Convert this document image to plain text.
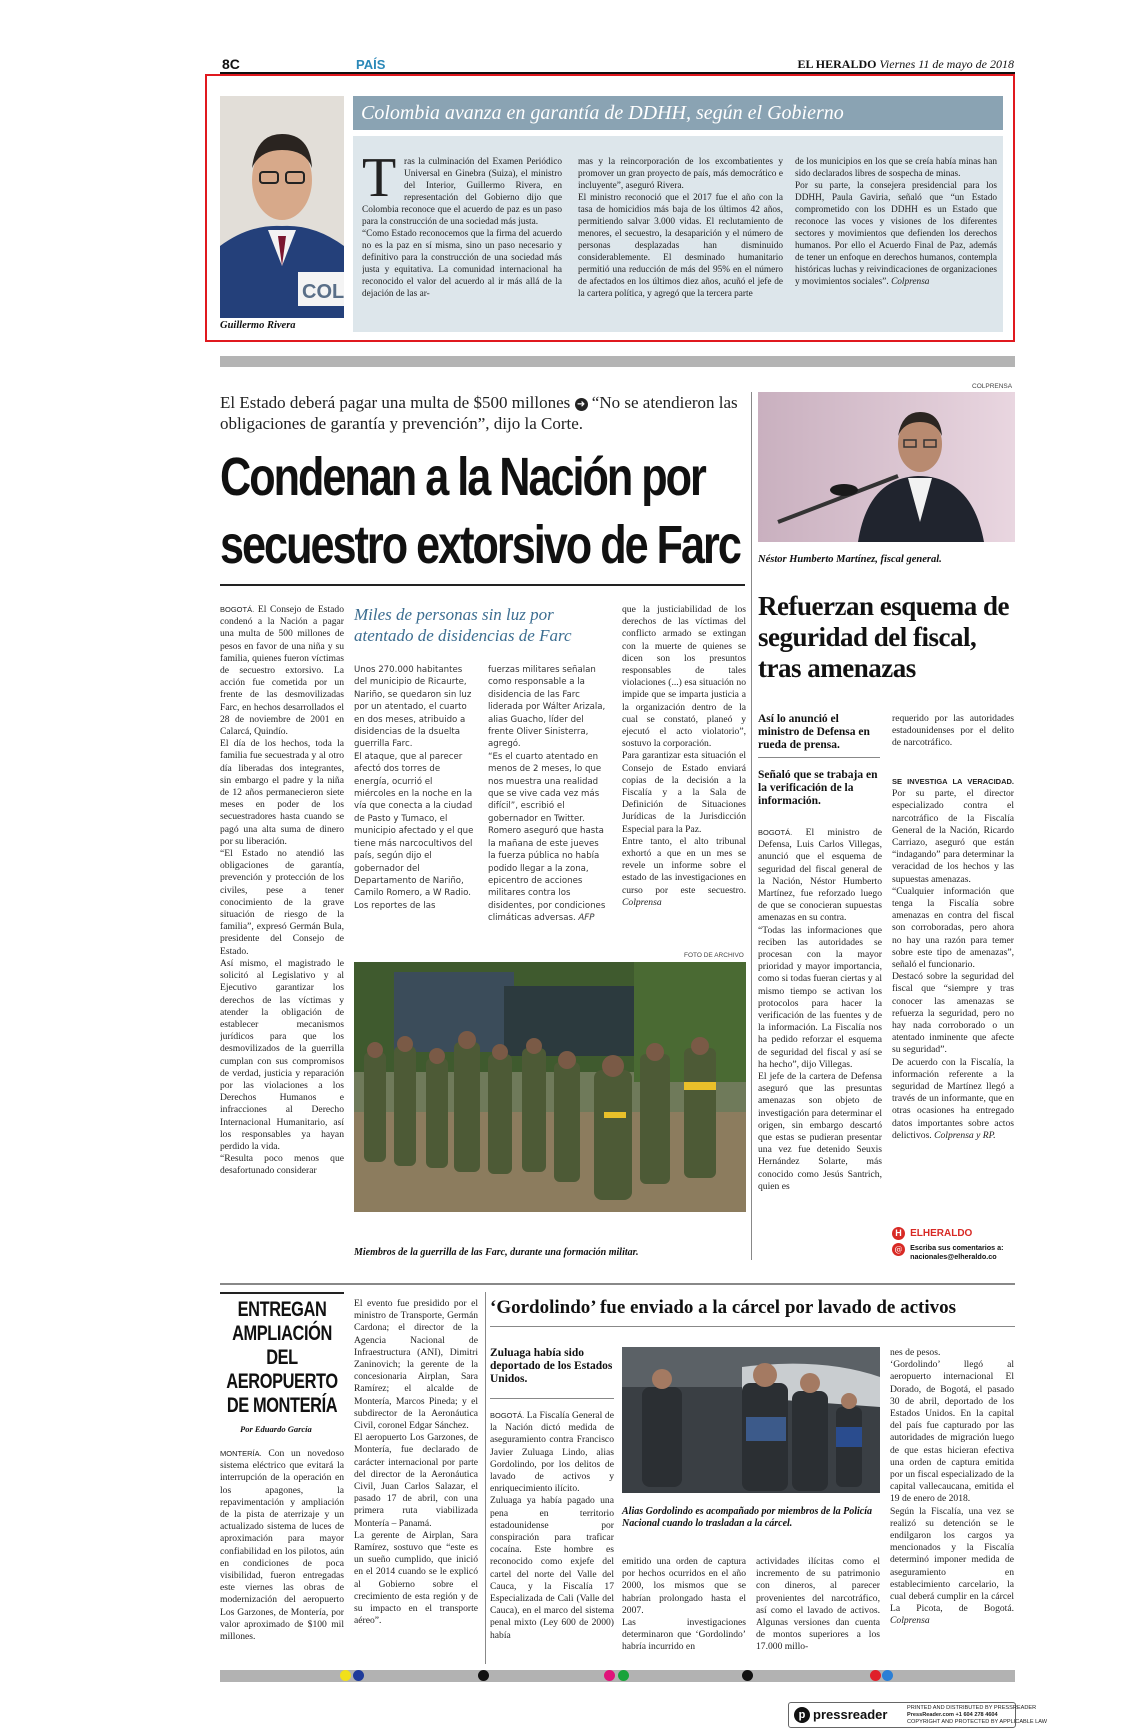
8C	PAÍS	EL HERALDO Viernes 11 de mayo de 2018
COL
Guillermo Rivera
Colombia avanza en garantía de DDHH, según el Gobierno
T ras la culminación del Examen Periódico Universal en Ginebra (Suiza), el ministro del Interior, Guillermo Rivera, en representación del Gobierno dijo que Colombia reconoce que el acuerdo de paz es un paso para la construcción de una sociedad más justa.
“Como Estado reconocemos que la firma del acuerdo no es la paz en sí misma, sino un paso necesario y definitivo para la construcción de una sociedad más justa y equitativa. La comunidad internacional ha reconocido el valor del acuerdo al ir más allá de la dejación de las ar-
mas y la reincorporación de los excombatientes y promover un gran proyecto de país, más democrático e incluyente”, aseguró Rivera.
El ministro reconoció que el 2017 fue el año con la tasa de homicidios más baja de los últimos 42 años, permitiendo salvar 3.000 vidas. El reclutamiento de menores, el secuestro, la desaparición y el número de personas desplazadas han disminuido considerablemente. El desminado humanitario permitió una reducción de más del 95% en el número de afectados en los últimos diez años, acuñó el jefe de la cartera política, y agregó que la tercera parte
de los municipios en los que se creía había minas han sido declarados libres de sospecha de minas.
Por su parte, la consejera presidencial para los DDHH, Paula Gaviria, señaló que “un Estado comprometido con los DDHH es un Estado que reconoce las voces y visiones de los diferentes sectores y movimientos que defienden los derechos humanos. Por ello el Acuerdo Final de Paz, además de tener un enfoque en derechos humanos, contempla históricas luchas y reivindicaciones de organizaciones y movimientos sociales”. Colprensa
El Estado deberá pagar una multa de $500 millones ➜ “No se atendieron las obligaciones de garantía y prevención”, dijo la Corte.
Condenan a la Nación por
secuestro extorsivo de Farc
BOGOTÁ. El Consejo de Estado condenó a la Nación a pagar una multa de 500 millones de pesos en favor de una niña y su familia, quienes fueron víctimas de secuestro extorsivo. La acción fue cometida por un frente de las desmovilizadas Farc, en hechos desarrollados el 28 de noviembre de 2001 en Calarcá, Quindío.
El día de los hechos, toda la familia fue secuestrada y al otro día liberadas dos integrantes, sin embargo el padre y la niña de 12 años permanecieron siete meses en poder de los secuestradores hasta cuando se pagó una alta suma de dinero por su liberación.
“El Estado no atendió las obligaciones de garantía, prevención y protección de los civiles, pese a tener conocimiento de la grave situación de riesgo de la familia”, expresó Germán Bula, presidente del Consejo de Estado.
Así mismo, el magistrado le solicitó al Legislativo y al Ejecutivo garantizar los derechos de las víctimas y atender la obligación de establecer mecanismos jurídicos para que los desmovilizados de la guerrilla cumplan con sus compromisos de verdad, justicia y reparación por las violaciones a los Derechos Humanos e infracciones al Derecho Internacional Humanitario, así los responsables ya hayan perdido la vida.
“Resulta poco menos que desafortunado considerar
Miles de personas sin luz por atentado de disidencias de Farc
Unos 270.000 habitantes del municipio de Ricaurte, Nariño, se quedaron sin luz por un atentado, el cuarto en dos meses, atribuido a disidencias de la dsuelta guerrilla Farc.
El ataque, que al parecer afectó dos torres de energía, ocurrió el miércoles en la noche en la vía que conecta a la ciudad de Pasto y Tumaco, el municipio afectado y el que tiene más narcocultivos del país, según dijo el gobernador del Departamento de Nariño, Camilo Romero, a W Radio.
Los reportes de las
fuerzas militares señalan como responsable a la disidencia de las Farc liderada por Wálter Arizala, alias Guacho, líder del frente Oliver Sinisterra, agregó.
“Es el cuarto atentado en menos de 2 meses, lo que nos muestra una realidad que se vive cada vez más difícil”, escribió el gobernador en Twitter.
Romero aseguró que hasta la mañana de este jueves la fuerza pública no había podido llegar a la zona, epicentro de acciones militares contra los disidentes, por condiciones climáticas adversas. AFP
que la justiciabilidad de los derechos de las víctimas del conflicto armado se extingan con la muerte de quienes se dicen son los presuntos responsables de tales violaciones (...) esa situación no impide que se imparta justicia a la organización dentro de la cual se constató, planeó y ejecutó el acto violatorio”, sostuvo la corporación.
Para garantizar esta situación el Consejo de Estado enviará copias de la decisión a la Fiscalía y a la Sala de Definición de Situaciones Jurídicas de la Jurisdicción Especial para la Paz.
Entre tanto, el alto tribunal exhortó a que en un mes se revele un informe sobre el estado de las investigaciones en curso por este secuestro. Colprensa
FOTO DE ARCHIVO
Miembros de la guerrilla de las Farc, durante una formación militar.
COLPRENSA
Néstor Humberto Martínez, fiscal general.
Refuerzan esquema de seguridad del fiscal, tras amenazas
Así lo anunció el ministro de Defensa en rueda de prensa.
Señaló que se trabaja en la verificación de la información.
BOGOTÁ. El ministro de Defensa, Luis Carlos Villegas, anunció que el esquema de seguridad del fiscal general de la Nación, Néstor Humberto Martínez, fue reforzado luego de que se conocieran supuestas amenazas en su contra.
“Todas las informaciones que reciben las autoridades se procesan con la mayor prioridad y mayor importancia, como si todas fueran ciertas y al mismo tiempo se activan los protocolos para hacer la verificación de las fuentes y de la información. La Fiscalía nos ha pedido reforzar el esquema de seguridad del fiscal y así se ha hecho”, dijo Villegas.
El jefe de la cartera de Defensa aseguró que las presuntas amenazas son objeto de investigación para determinar el origen, sin embargo descartó que estas se pudieran presentar una vez fue detenido Seuxis Hernández Solarte, más conocido como Jesús Santrich, quien es
requerido por las autoridades estadounidenses por el delito de narcotráfico.
SE INVESTIGA LA VERACIDAD. Por su parte, el director especializado contra el narcotráfico de la Fiscalía General de la Nación, Ricardo Carriazo, aseguró que están “indagando” para determinar la veracidad de los hechos y las supuestas amenazas.
“Cualquier información que tenga la Fiscalía sobre amenazas en contra del fiscal son corroboradas, pero ahora no hay una razón para temer sobre este tipo de amenazas”, señaló el funcionario.
Destacó sobre la seguridad del fiscal que “siempre y tras conocer las amenazas se refuerza la seguridad, pero no hay nada corroborado o un atentado inminente que afecte su seguridad”.
De acuerdo con la Fiscalía, la información referente a la seguridad de Martínez llegó a través de un informante, que en otras ocasiones ha entregado datos importantes sobre actos delictivos. Colprensa y RP.
H ELHERALDO
@ Escriba sus comentarios a:
nacionales@elheraldo.co
ENTREGAN AMPLIACIÓN DEL AEROPUERTO DE MONTERÍA
Por Eduardo García
MONTERÍA. Con un novedoso sistema eléctrico que evitará la interrupción de la operación en los apagones, la repavimentación y ampliación de la pista de aterrizaje y un actualizado sistema de luces de aproximación para mayor confiabilidad en los pilotos, aún en condiciones de poca visibilidad, fueron entregadas este viernes las obras de modernización del aeropuerto Los Garzones, de Montería, por valor aproximado de $100 mil millones.
El evento fue presidido por el ministro de Transporte, Germán Cardona; el director de la Agencia Nacional de Infraestructura (ANI), Dimitri Zaninovich; la gerente de la concesionaria Airplan, Sara Ramírez; el alcalde de Montería, Marcos Pineda; y el subdirector de la Aeronáutica Civil, coronel Edgar Sánchez.
El aeropuerto Los Garzones, de Montería, fue declarado de carácter internacional por parte del director de la Aeronáutica Civil, Juan Carlos Salazar, el pasado 17 de abril, con una primera ruta viabilizada Montería – Panamá.
La gerente de Airplan, Sara Ramírez, sostuvo que “este es un sueño cumplido, que inició en el 2014 cuando se le explicó al Gobierno sobre el crecimiento de esta región y de su impacto en el transporte aéreo”.
‘Gordolindo’ fue enviado a la cárcel por lavado de activos
Zuluaga había sido deportado de los Estados Unidos.
BOGOTÁ. La Fiscalía General de la Nación dictó medida de aseguramiento contra Francisco Javier Zuluaga Lindo, alias Gordolindo, por los delitos de lavado de activos y enriquecimiento ilícito.
Zuluaga ya había pagado una pena en territorio estadounidense por conspiración para traficar cocaína. Este hombre es reconocido como exjefe del cartel del norte del Valle del Cauca, y la Fiscalía 17 Especializada de Cali (Valle del Cauca), en el marco del sistema penal mixto (Ley 600 de 2000) había
Alias Gordolindo es acompañado por miembros de la Policía Nacional cuando lo trasladan a la cárcel.
emitido una orden de captura por hechos ocurridos en el año 2000, los mismos que se habrían prolongado hasta el 2007.
Las investigaciones determinaron que ‘Gordolindo’ habría incurrido en
actividades ilícitas como el incremento de su patrimonio con dineros, al parecer provenientes del narcotráfico, así como el lavado de activos. Algunas versiones dan cuenta de montos superiores a los 17.000 millo-
nes de pesos.
‘Gordolindo’ llegó al aeropuerto internacional El Dorado, de Bogotá, el pasado 30 de abril, deportado de los Estados Unidos. En la capital del país fue capturado por las autoridades de migración luego de que estas hicieran efectiva una orden de captura emitida por un fiscal especializado de la capital vallecaucana, emitida el 19 de enero de 2018.
Según la Fiscalía, una vez se realizó su detención se le endilgaron los cargos ya mencionados y la Fiscalía determinó imponer medida de aseguramiento en establecimiento carcelario, la cual deberá cumplir en la cárcel La Picota, de Bogotá. Colprensa
p pressreader	PRINTED AND DISTRIBUTED BY PRESSREADER
PressReader.com +1 604 278 4604
COPYRIGHT AND PROTECTED BY APPLICABLE LAW
